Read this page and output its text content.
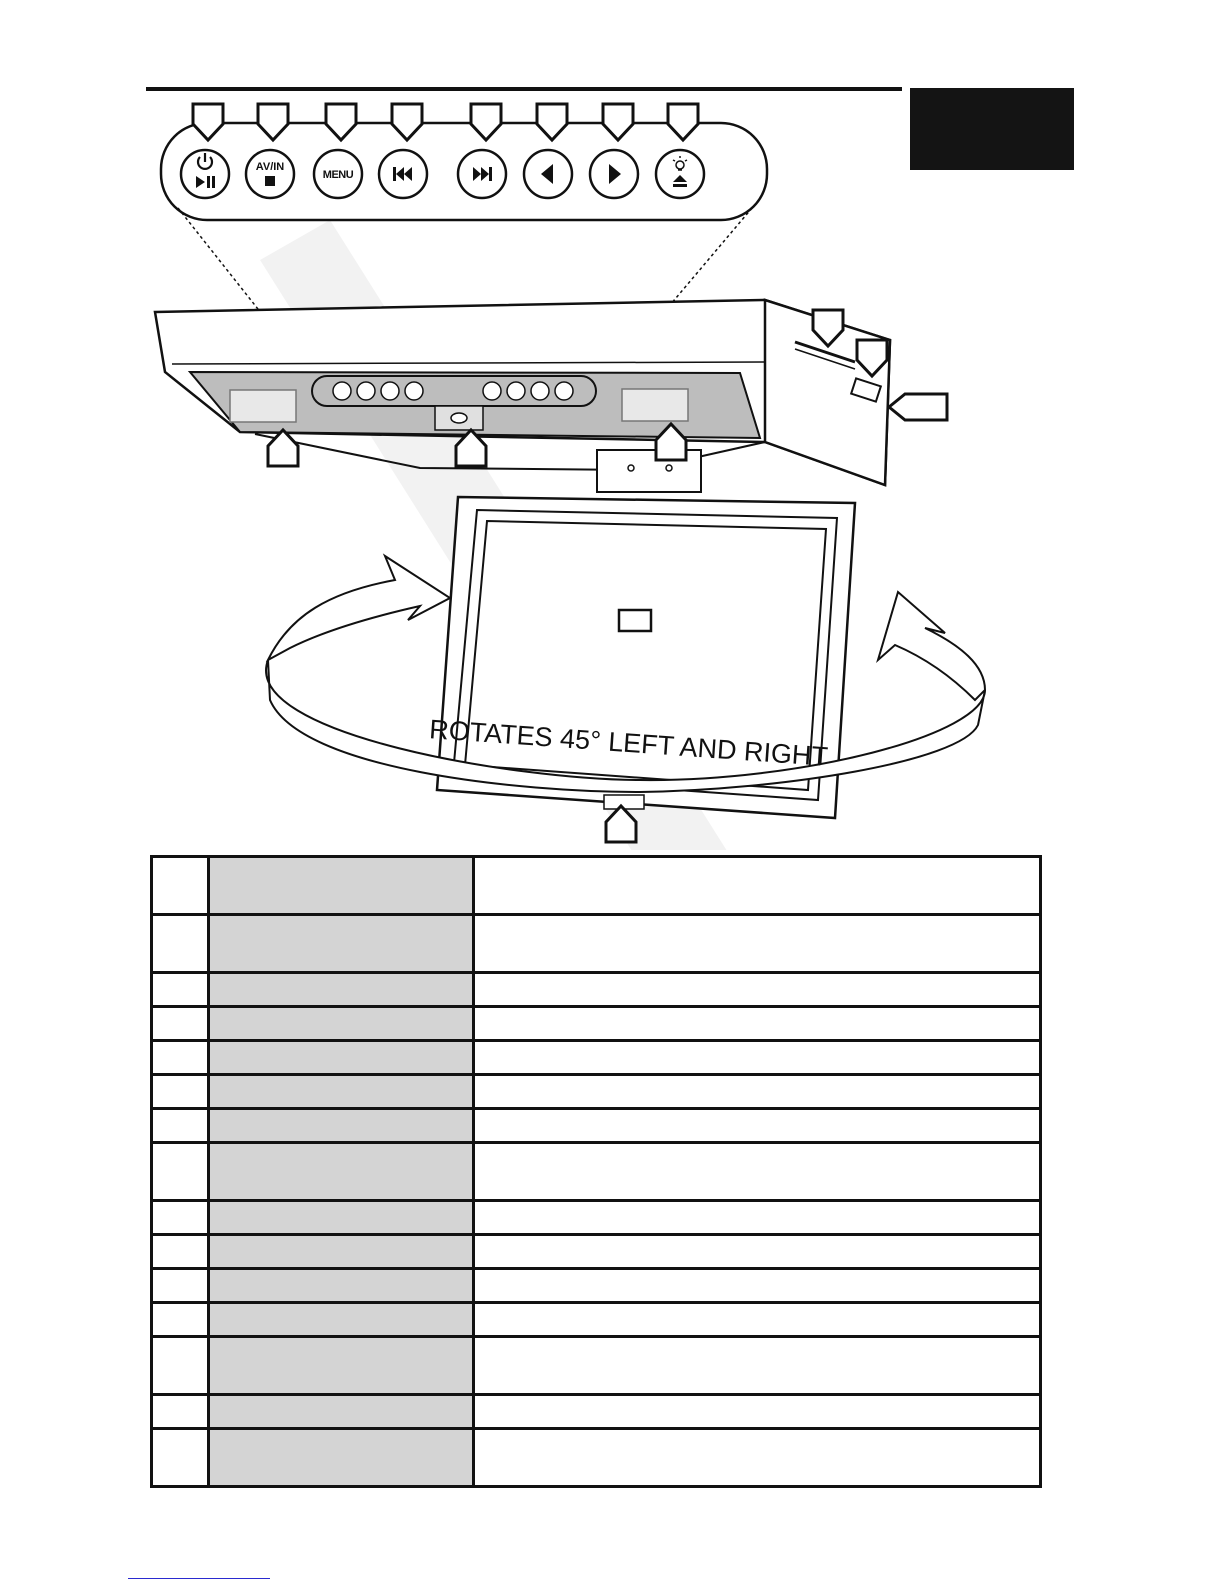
AV/IN
MENU
ROTATES 45° LEFT AND RIGHT
